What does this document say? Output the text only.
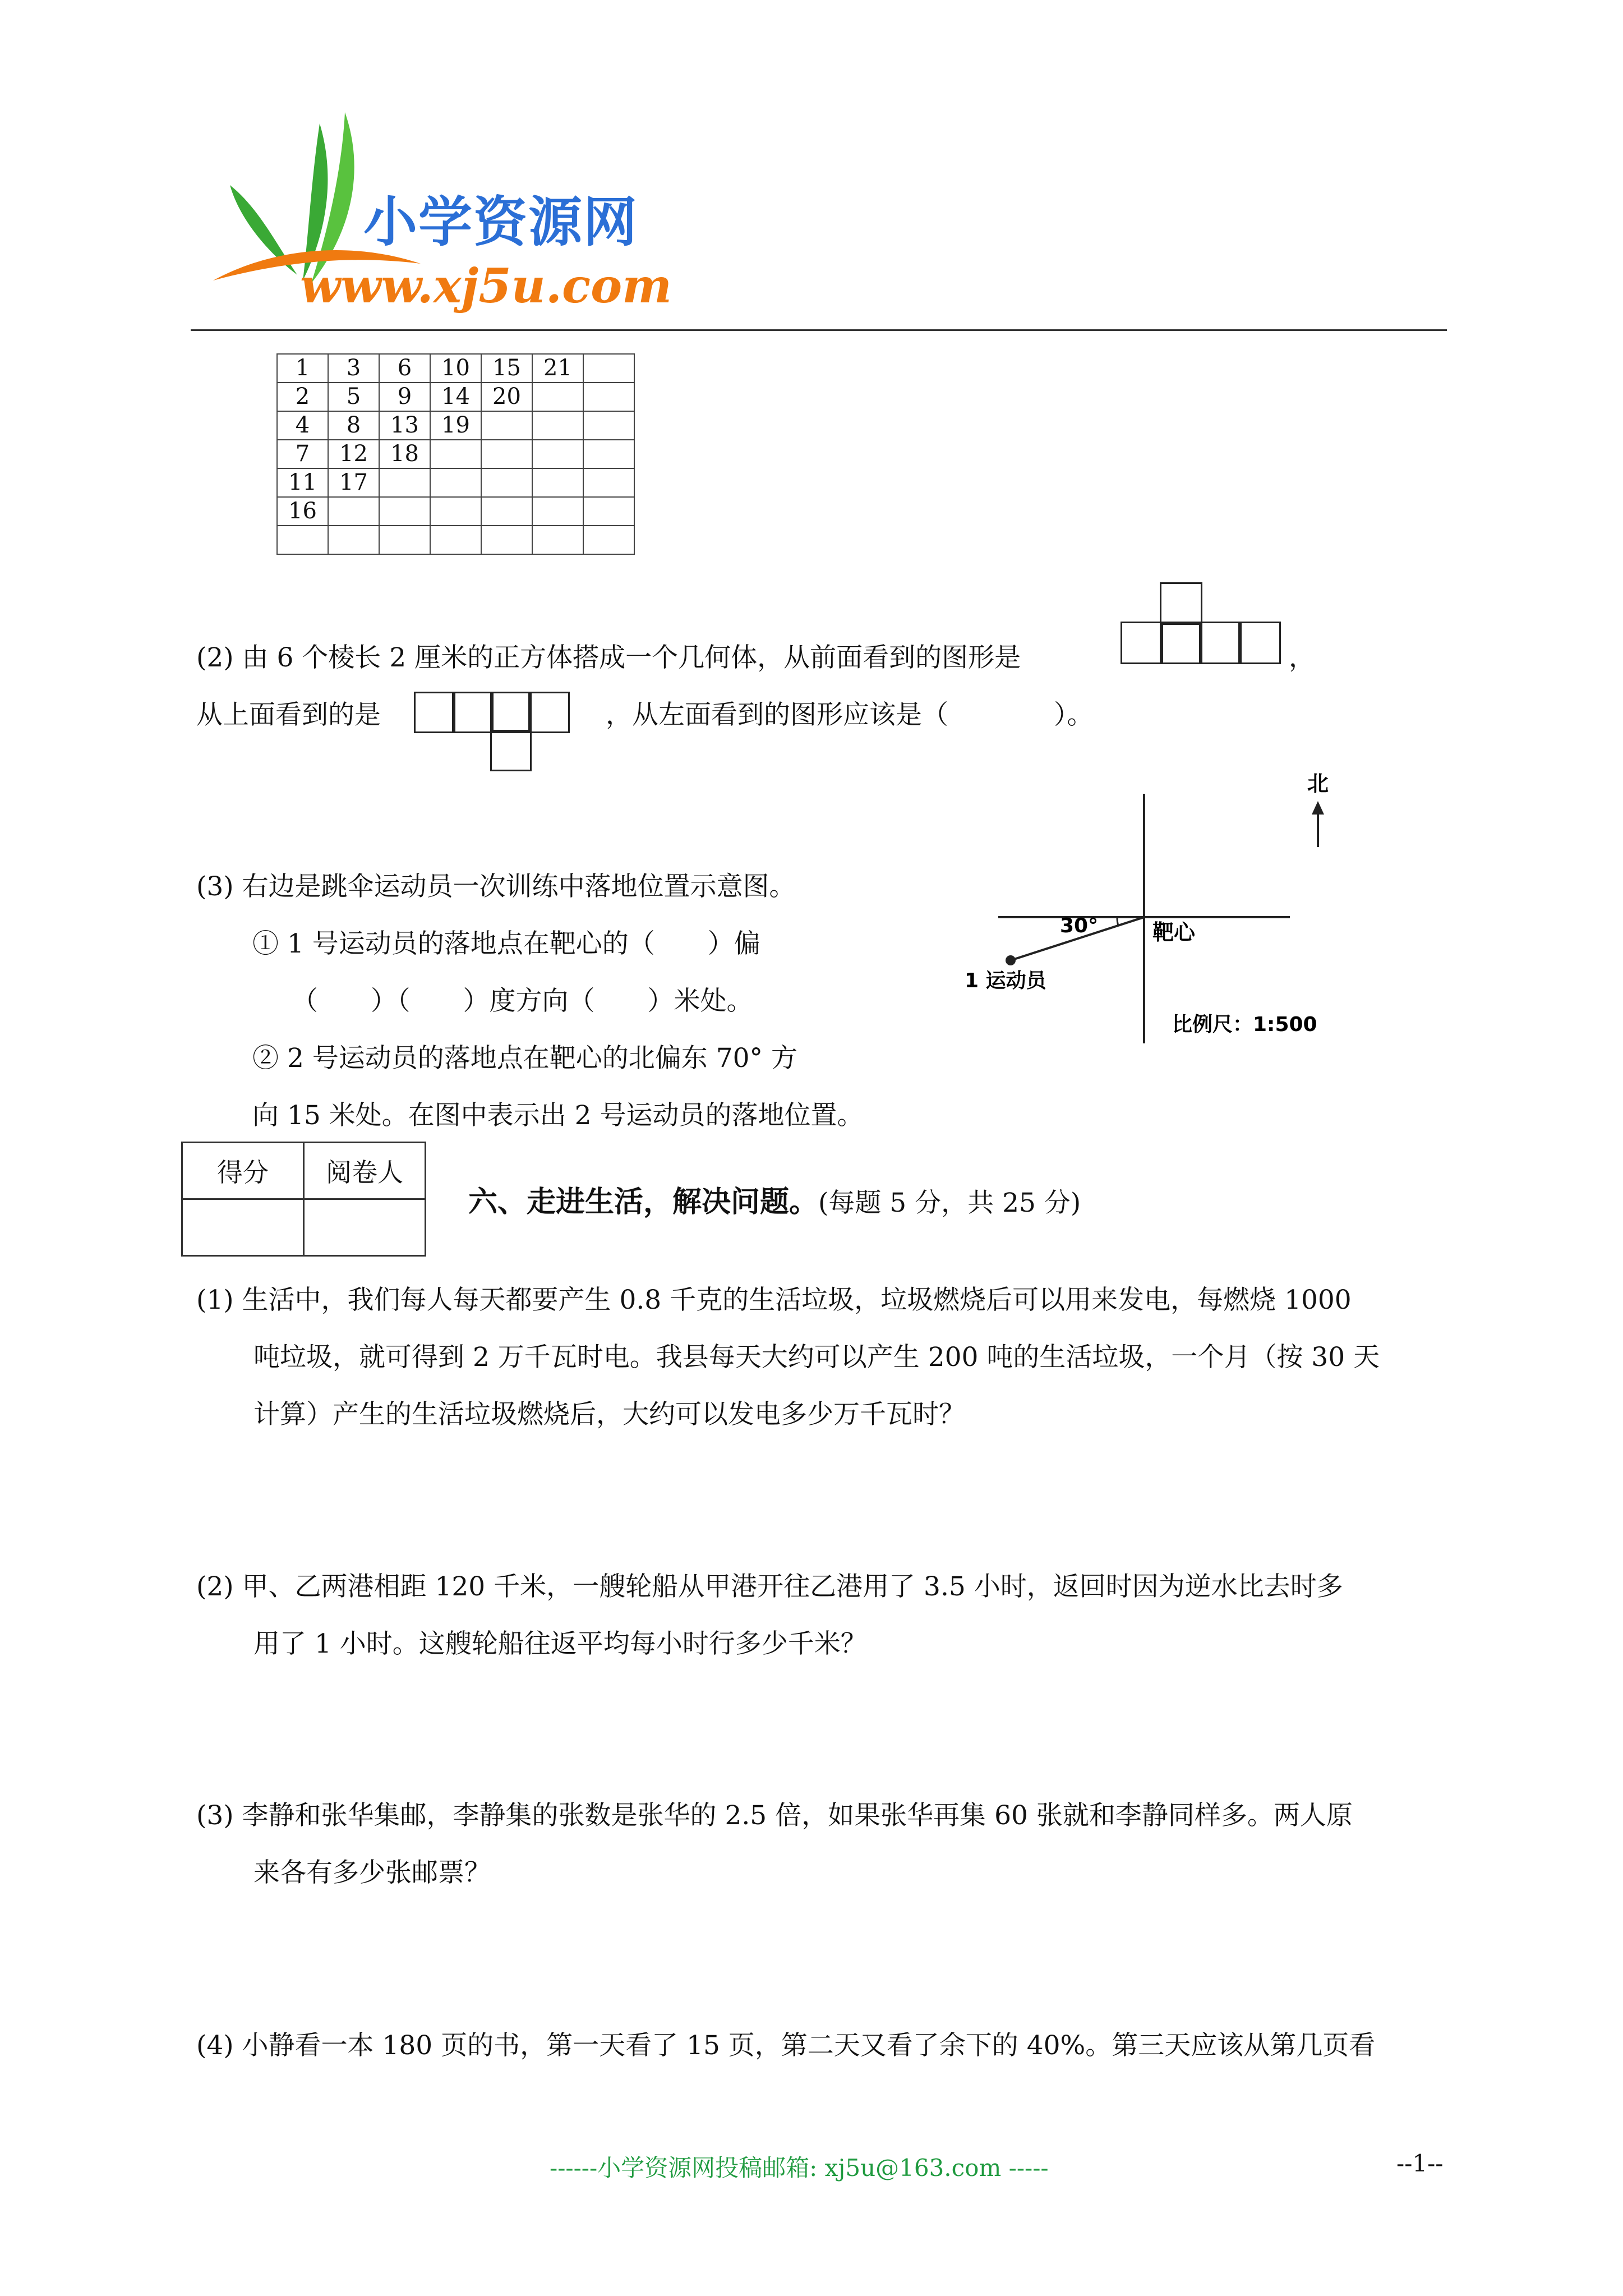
小学资源网
www.xj5u.com
1	3	6	10	15	21	
2	5	9	14	20		
4	8	13	19			
7	12	18				
11	17					
16						

(2) 由 6 个棱长 2 厘米的正方体搭成一个几何体，从前面看到的图形是	，
从上面看到的是	，从左面看到的图形应该是（　　　　）。
(3) 右边是跳伞运动员一次训练中落地位置示意图。
① 1 号运动员的落地点在靶心的（　　）偏
（　　）（　　）度方向（　　）米处。
② 2 号运动员的落地点在靶心的北偏东 70° 方
向 15 米处。在图中表示出 2 号运动员的落地位置。
北
30°	靶心
1 运动员
比例尺：1:500
得分	阅卷人

六、走进生活，解决问题。(每题 5 分，共 25 分)
(1) 生活中，我们每人每天都要产生 0.8 千克的生活垃圾，垃圾燃烧后可以用来发电，每燃烧 1000
吨垃圾，就可得到 2 万千瓦时电。我县每天大约可以产生 200 吨的生活垃圾，一个月（按 30 天
计算）产生的生活垃圾燃烧后，大约可以发电多少万千瓦时？
(2) 甲、乙两港相距 120 千米，一艘轮船从甲港开往乙港用了 3.5 小时，返回时因为逆水比去时多
用了 1 小时。这艘轮船往返平均每小时行多少千米？
(3) 李静和张华集邮，李静集的张数是张华的 2.5 倍，如果张华再集 60 张就和李静同样多。两人原
来各有多少张邮票？
(4) 小静看一本 180 页的书，第一天看了 15 页，第二天又看了余下的 40%。第三天应该从第几页看
------小学资源网投稿邮箱: xj5u@163.com -----	--1--
